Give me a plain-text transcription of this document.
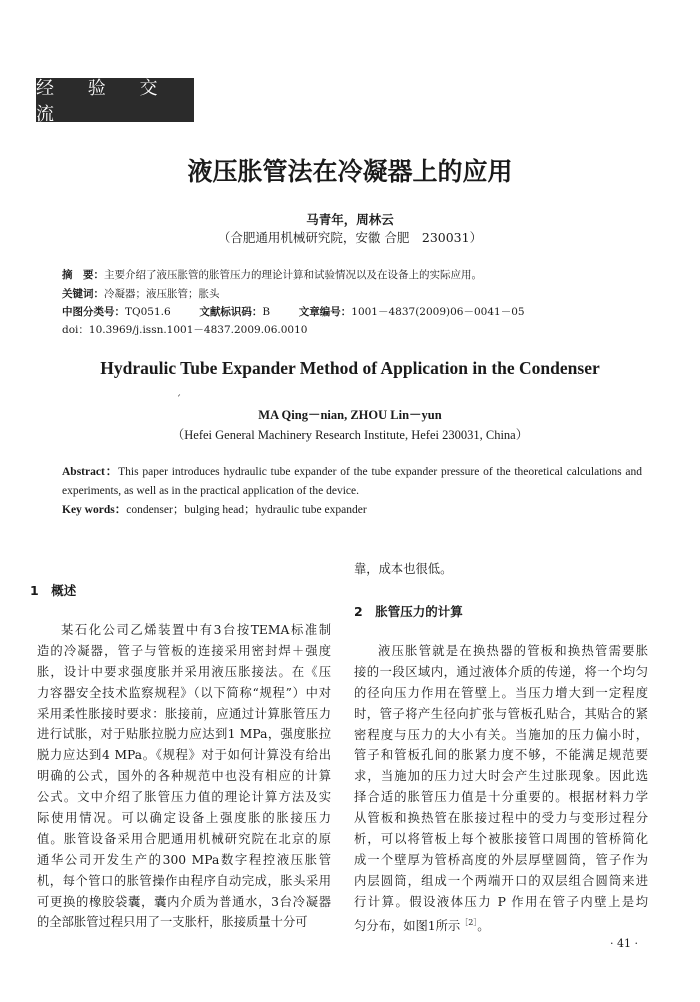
经 验 交 流
液压胀管法在冷凝器上的应用
马青年，周林云
（合肥通用机械研究院，安徽 合肥　230031）
摘　要：主要介绍了液压胀管的胀管压力的理论计算和试验情况以及在设备上的实际应用。
关键词：冷凝器；液压胀管；胀头
中图分类号：TQ051.6	文献标识码：B	文章编号：1001－4837(2009)06－0041－05
doi：10.3969/j.issn.1001－4837.2009.06.0010
Hydraulic Tube Expander Method of Application in the Condenser
ˊ
MA Qing－nian, ZHOU Lin－yun
（Hefei General Machinery Research Institute, Hefei 230031, China）
Abstract：This paper introduces hydraulic tube expander of the tube expander pressure of the theoretical calculations and experiments, as well as in the practical application of the device.
Key words：condenser；bulging head；hydraulic tube expander
1　概述
某石化公司乙烯装置中有3台按TEMA标准制
造的冷凝器，管子与管板的连接采用密封焊＋强度
胀，设计中要求强度胀并采用液压胀接法。在《压
力容器安全技术监察规程》（以下简称“规程”）中对
采用柔性胀接时要求：胀接前，应通过计算胀管压力
进行试胀，对于贴胀拉脱力应达到1 MPa，强度胀拉
脱力应达到4 MPa。《规程》对于如何计算没有给出
明确的公式，国外的各种规范中也没有相应的计算
公式。文中介绍了胀管压力值的理论计算方法及实
际使用情况。可以确定设备上强度胀的胀接压力
值。胀管设备采用合肥通用机械研究院在北京的原
通华公司开发生产的300 MPa数字程控液压胀管
机，每个管口的胀管操作由程序自动完成，胀头采用
可更换的橡胶袋囊，囊内介质为普通水，3台冷凝器
的全部胀管过程只用了一支胀杆，胀接质量十分可
靠，成本也很低。
2　胀管压力的计算
液压胀管就是在换热器的管板和换热管需要胀
接的一段区域内，通过液体介质的传递，将一个均匀
的径向压力作用在管壁上。当压力增大到一定程度
时，管子将产生径向扩张与管板孔贴合，其贴合的紧
密程度与压力的大小有关。当施加的压力偏小时，
管子和管板孔间的胀紧力度不够，不能满足规范要
求，当施加的压力过大时会产生过胀现象。因此选
择合适的胀管压力值是十分重要的。根据材料力学
从管板和换热管在胀接过程中的受力与变形过程分
析，可以将管板上每个被胀接管口周围的管桥简化
成一个壁厚为管桥高度的外层厚壁圆筒，管子作为
内层圆筒，组成一个两端开口的双层组合圆筒来进
行计算。假设液体压力 P 作用在管子内壁上是均
匀分布，如图1所示$^{[2]}$。
· 41 ·
